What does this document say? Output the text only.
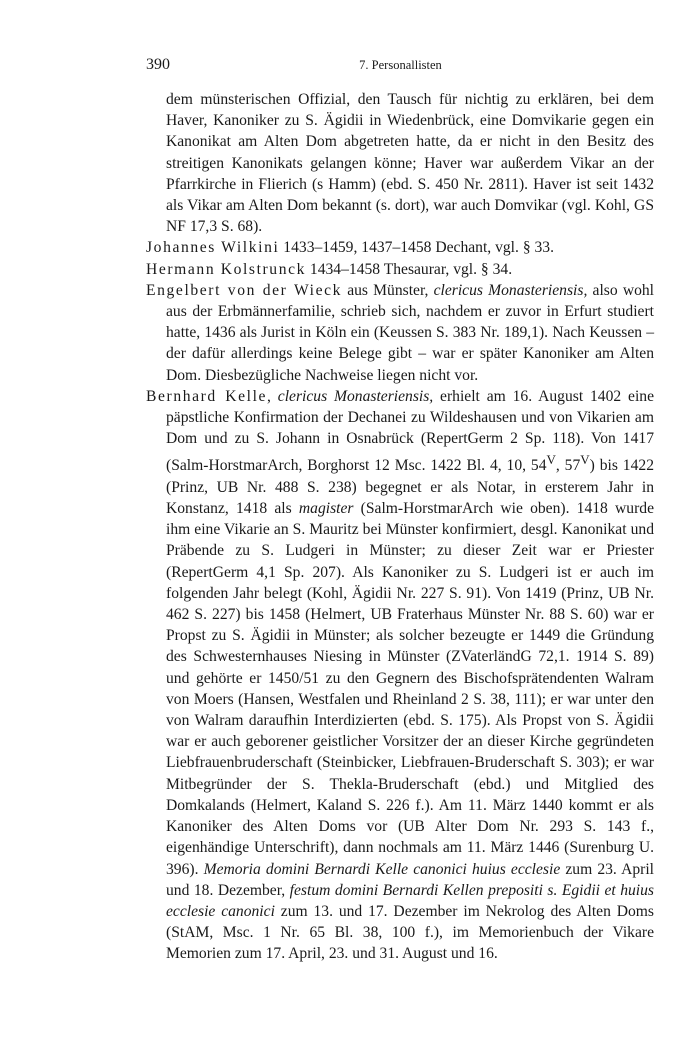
390	7. Personallisten

dem münsterischen Offizial, den Tausch für nichtig zu erklären, bei dem Haver, Kanoniker zu S. Ägidii in Wiedenbrück, eine Domvikarie gegen ein Kanonikat am Alten Dom abgetreten hatte, da er nicht in den Besitz des streitigen Kanonikats gelangen könne; Haver war außerdem Vikar an der Pfarrkirche in Flierich (s Hamm) (ebd. S. 450 Nr. 2811). Haver ist seit 1432 als Vikar am Alten Dom bekannt (s. dort), war auch Domvikar (vgl. Kohl, GS NF 17,3 S. 68).

Johannes Wilkini 1433–1459, 1437–1458 Dechant, vgl. § 33.

Hermann Kolstrunck 1434–1458 Thesaurar, vgl. § 34.

Engelbert von der Wieck aus Münster, clericus Monasteriensis, also wohl aus der Erbmännerfamilie, schrieb sich, nachdem er zuvor in Erfurt studiert hatte, 1436 als Jurist in Köln ein (Keussen S. 383 Nr. 189,1). Nach Keussen – der dafür allerdings keine Belege gibt – war er später Kanoniker am Alten Dom. Diesbezügliche Nachweise liegen nicht vor.

Bernhard Kelle, clericus Monasteriensis, erhielt am 16. August 1402 eine päpstliche Konfirmation der Dechanei zu Wildeshausen und von Vikarien am Dom und zu S. Johann in Osnabrück (RepertGerm 2 Sp. 118). Von 1417 (Salm-HorstmarArch, Borghorst 12 Msc. 1422 Bl. 4, 10, $54^V$, $57^V$) bis 1422 (Prinz, UB Nr. 488 S. 238) begegnet er als Notar, in ersterem Jahr in Konstanz, 1418 als magister (Salm-HorstmarArch wie oben). 1418 wurde ihm eine Vikarie an S. Mauritz bei Münster konfirmiert, desgl. Kanonikat und Präbende zu S. Ludgeri in Münster; zu dieser Zeit war er Priester (RepertGerm 4,1 Sp. 207). Als Kanoniker zu S. Ludgeri ist er auch im folgenden Jahr belegt (Kohl, Ägidii Nr. 227 S. 91). Von 1419 (Prinz, UB Nr. 462 S. 227) bis 1458 (Helmert, UB Fraterhaus Münster Nr. 88 S. 60) war er Propst zu S. Ägidii in Münster; als solcher bezeugte er 1449 die Gründung des Schwesternhauses Niesing in Münster (ZVaterländG 72,1. 1914 S. 89) und gehörte er 1450/51 zu den Gegnern des Bischofsprätendenten Walram von Moers (Hansen, Westfalen und Rheinland 2 S. 38, 111); er war unter den von Walram daraufhin Interdizierten (ebd. S. 175). Als Propst von S. Ägidii war er auch geborener geistlicher Vorsitzer der an dieser Kirche gegründeten Liebfrauenbruderschaft (Steinbicker, Liebfrauen-Bruderschaft S. 303); er war Mitbegründer der S. Thekla-Bruderschaft (ebd.) und Mitglied des Domkalands (Helmert, Kaland S. 226 f.). Am 11. März 1440 kommt er als Kanoniker des Alten Doms vor (UB Alter Dom Nr. 293 S. 143 f., eigenhändige Unterschrift), dann nochmals am 11. März 1446 (Surenburg U. 396). Memoria domini Bernardi Kelle canonici huius ecclesie zum 23. April und 18. Dezember, festum domini Bernardi Kellen prepositi s. Egidii et huius ecclesie canonici zum 13. und 17. Dezember im Nekrolog des Alten Doms (StAM, Msc. 1 Nr. 65 Bl. 38, 100 f.), im Memorienbuch der Vikare Memorien zum 17. April, 23. und 31. August und 16.
